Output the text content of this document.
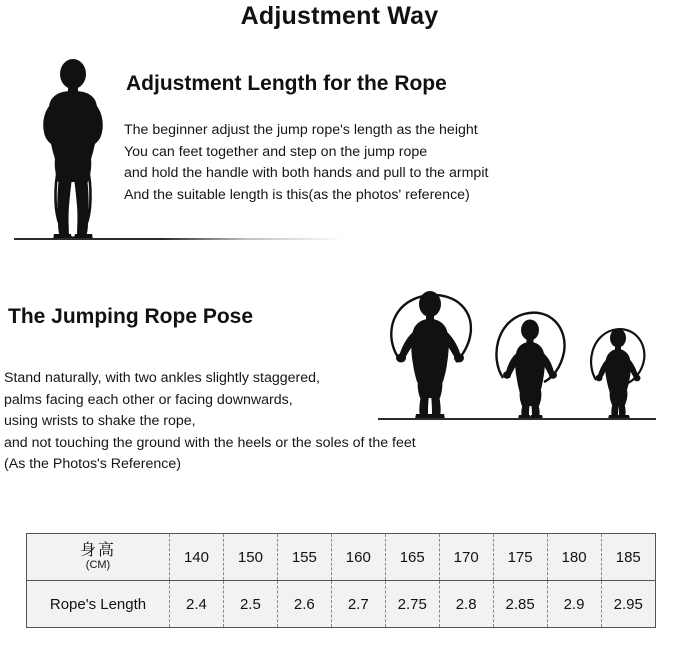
Adjustment Way
Adjustment Length for the Rope
The beginner adjust the jump rope's length as the height
You can feet together and step on the jump rope
and hold the handle with both hands and pull to the armpit
And the suitable length is this(as the photos' reference)
The Jumping Rope Pose
Stand naturally, with two ankles slightly staggered,
palms facing each other or facing downwards,
using wrists to shake the rope,
and not touching the ground with the heels or the soles of the feet
(As the Photos's Reference)
身高
(CM)	140	150	155	160	165	170	175	180	185
Rope's Length	2.4	2.5	2.6	2.7	2.75	2.8	2.85	2.9	2.95
